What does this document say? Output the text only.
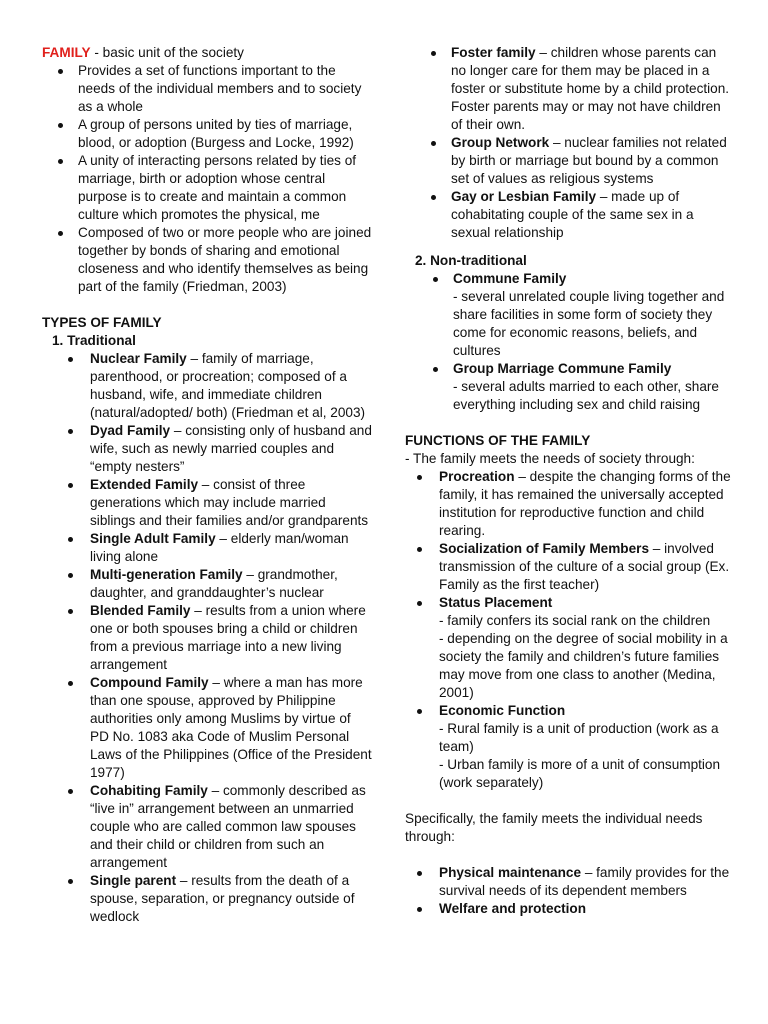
FAMILY - basic unit of the society

Provides a set of functions important to the needs of the individual members and to society as a whole
A group of persons united by ties of marriage, blood, or adoption (Burgess and Locke, 1992)
A unity of interacting persons related by ties of marriage, birth or adoption whose central purpose is to create and maintain a common culture which promotes the physical, me
Composed of two or more people who are joined together by bonds of sharing and emotional closeness and who identify themselves as being part of the family (Friedman, 2003)

TYPES OF FAMILY

1. Traditional

Nuclear Family – family of marriage, parenthood, or procreation; composed of a husband, wife, and immediate children (natural/adopted/ both) (Friedman et al, 2003)
Dyad Family – consisting only of husband and wife, such as newly married couples and “empty nesters”
Extended Family – consist of three generations which may include married siblings and their families and/or grandparents
Single Adult Family – elderly man/woman living alone
Multi-generation Family – grandmother, daughter, and granddaughter’s nuclear
Blended Family – results from a union where one or both spouses bring a child or children from a previous marriage into a new living arrangement
Compound Family – where a man has more than one spouse, approved by Philippine authorities only among Muslims by virtue of PD No. 1083 aka Code of Muslim Personal Laws of the Philippines (Office of the President 1977)
Cohabiting Family – commonly described as “live in” arrangement between an unmarried couple who are called common law spouses and their child or children from such an arrangement
Single parent – results from the death of a spouse, separation, or pregnancy outside of wedlock
Foster family – children whose parents can no longer care for them may be placed in a foster or substitute home by a child protection. Foster parents may or may not have children of their own.
Group Network – nuclear families not related by birth or marriage but bound by a common set of values as religious systems
Gay or Lesbian Family – made up of cohabitating couple of the same sex in a sexual relationship

2. Non-traditional

Commune Family
- several unrelated couple living together and share facilities in some form of society they come for economic reasons, beliefs, and cultures
Group Marriage Commune Family
- several adults married to each other, share everything including sex and child raising

FUNCTIONS OF THE FAMILY

- The family meets the needs of society through:

Procreation – despite the changing forms of the family, it has remained the universally accepted institution for reproductive function and child rearing.
Socialization of Family Members – involved transmission of the culture of a social group (Ex. Family as the first teacher)
Status Placement
- family confers its social rank on the children
- depending on the degree of social mobility in a society the family and children’s future families may move from one class to another (Medina, 2001)
Economic Function
- Rural family is a unit of production (work as a team)
- Urban family is more of a unit of consumption (work separately)

Specifically, the family meets the individual needs through:

Physical maintenance – family provides for the survival needs of its dependent members
Welfare and protection
